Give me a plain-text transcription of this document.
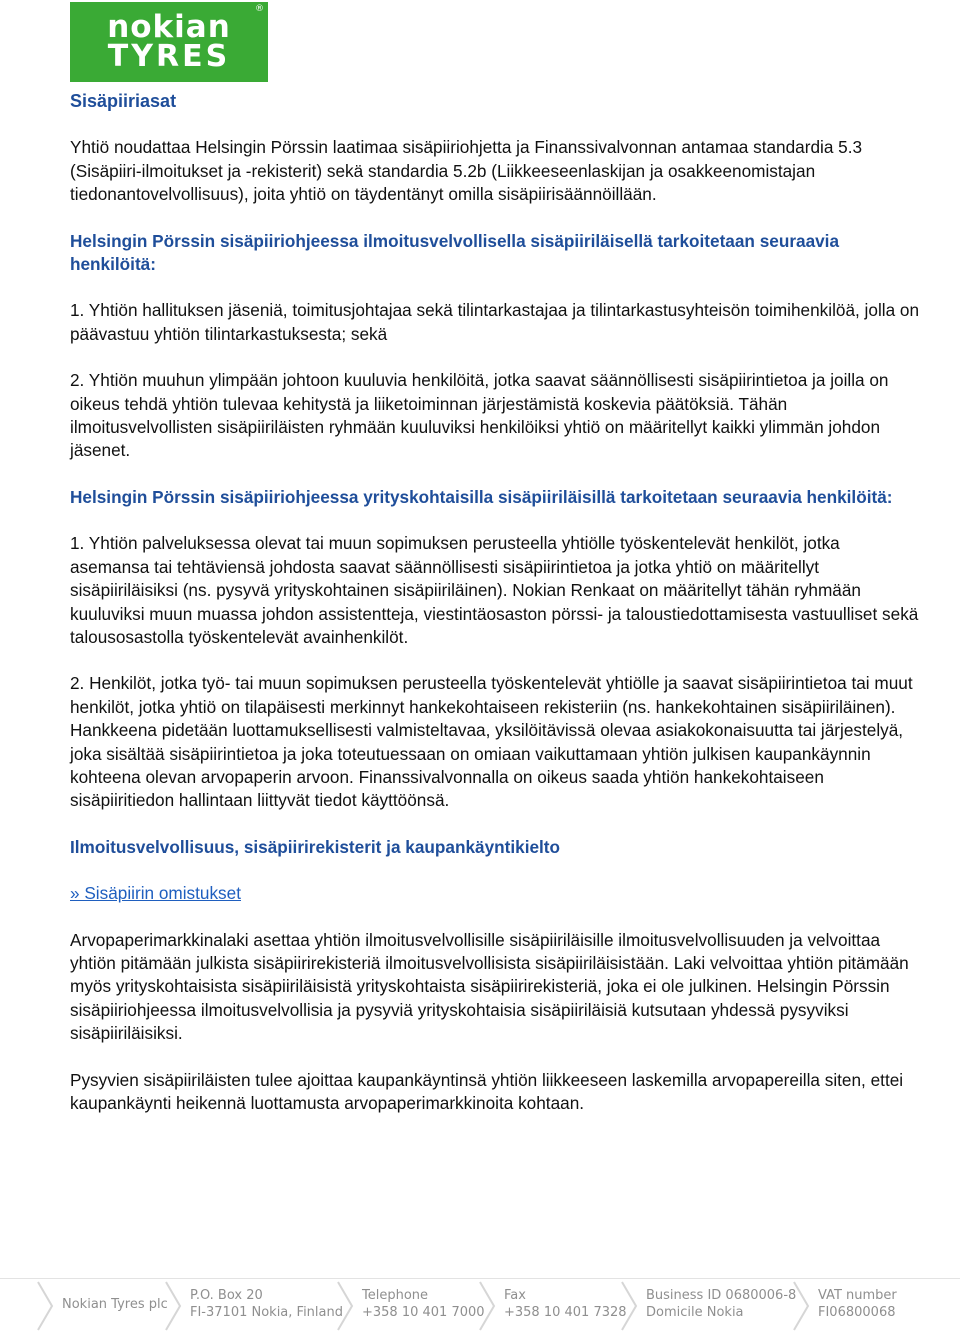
®
nokian
TYRES

Sisäpiiriasat

Yhtiö noudattaa Helsingin Pörssin laatimaa sisäpiiriohjetta ja Finanssivalvonnan antamaa standardia 5.3 (Sisäpiiri-ilmoitukset ja -rekisterit) sekä standardia 5.2b (Liikkeeseenlaskijan ja osakkeenomistajan tiedonantovelvollisuus), joita yhtiö on täydentänyt omilla sisäpiirisäännöillään.

Helsingin Pörssin sisäpiiriohjeessa ilmoitusvelvollisella sisäpiiriläisellä tarkoitetaan seuraavia henkilöitä:

1. Yhtiön hallituksen jäseniä, toimitusjohtajaa sekä tilintarkastajaa ja tilintarkastusyhteisön toimihenkilöä, jolla on päävastuu yhtiön tilintarkastuksesta; sekä

2. Yhtiön muuhun ylimpään johtoon kuuluvia henkilöitä, jotka saavat säännöllisesti sisäpiirintietoa ja joilla on oikeus tehdä yhtiön tulevaa kehitystä ja liiketoiminnan järjestämistä koskevia päätöksiä. Tähän ilmoitusvelvollisten sisäpiiriläisten ryhmään kuuluviksi henkilöiksi yhtiö on määritellyt kaikki ylimmän johdon jäsenet.

Helsingin Pörssin sisäpiiriohjeessa yrityskohtaisilla sisäpiiriläisillä tarkoitetaan seuraavia henkilöitä:

1. Yhtiön palveluksessa olevat tai muun sopimuksen perusteella yhtiölle työskentelevät henkilöt, jotka asemansa tai tehtäviensä johdosta saavat säännöllisesti sisäpiirintietoa ja jotka yhtiö on määritellyt sisäpiiriläisiksi (ns. pysyvä yrityskohtainen sisäpiiriläinen). Nokian Renkaat on määritellyt tähän ryhmään kuuluviksi muun muassa johdon assistentteja, viestintäosaston pörssi- ja taloustiedottamisesta vastuulliset sekä talousosastolla työskentelevät avainhenkilöt.

2. Henkilöt, jotka työ- tai muun sopimuksen perusteella työskentelevät yhtiölle ja saavat sisäpiirintietoa tai muut henkilöt, jotka yhtiö on tilapäisesti merkinnyt hankekohtaiseen rekisteriin (ns. hankekohtainen sisäpiiriläinen). Hankkeena pidetään luottamuksellisesti valmisteltavaa, yksilöitävissä olevaa asiakokonaisuutta tai järjestelyä, joka sisältää sisäpiirintietoa ja joka toteutuessaan on omiaan vaikuttamaan yhtiön julkisen kaupankäynnin kohteena olevan arvopaperin arvoon. Finanssivalvonnalla on oikeus saada yhtiön hankekohtaiseen sisäpiiritiedon hallintaan liittyvät tiedot käyttöönsä.

Ilmoitusvelvollisuus, sisäpiirirekisterit ja kaupankäyntikielto

» Sisäpiirin omistukset

Arvopaperimarkkinalaki asettaa yhtiön ilmoitusvelvollisille sisäpiiriläisille ilmoitusvelvollisuuden ja velvoittaa yhtiön pitämään julkista sisäpiirirekisteriä ilmoitusvelvollisista sisäpiiriläisistään. Laki velvoittaa yhtiön pitämään myös yrityskohtaisista sisäpiiriläisistä yrityskohtaista sisäpiirirekisteriä, joka ei ole julkinen. Helsingin Pörssin sisäpiiriohjeessa ilmoitusvelvollisia ja pysyviä yrityskohtaisia sisäpiiriläisiä kutsutaan yhdessä pysyviksi sisäpiiriläisiksi.

Pysyvien sisäpiiriläisten tulee ajoittaa kaupankäyntinsä yhtiön liikkeeseen laskemilla arvopapereilla siten, ettei kaupankäynti heikennä luottamusta arvopaperimarkkinoita kohtaan.

Nokian Tyres plc
P.O. Box 20
FI-37101 Nokia, Finland
Telephone
+358 10 401 7000
Fax
+358 10 401 7328
Business ID 0680006-8
Domicile Nokia
VAT number
FI06800068
